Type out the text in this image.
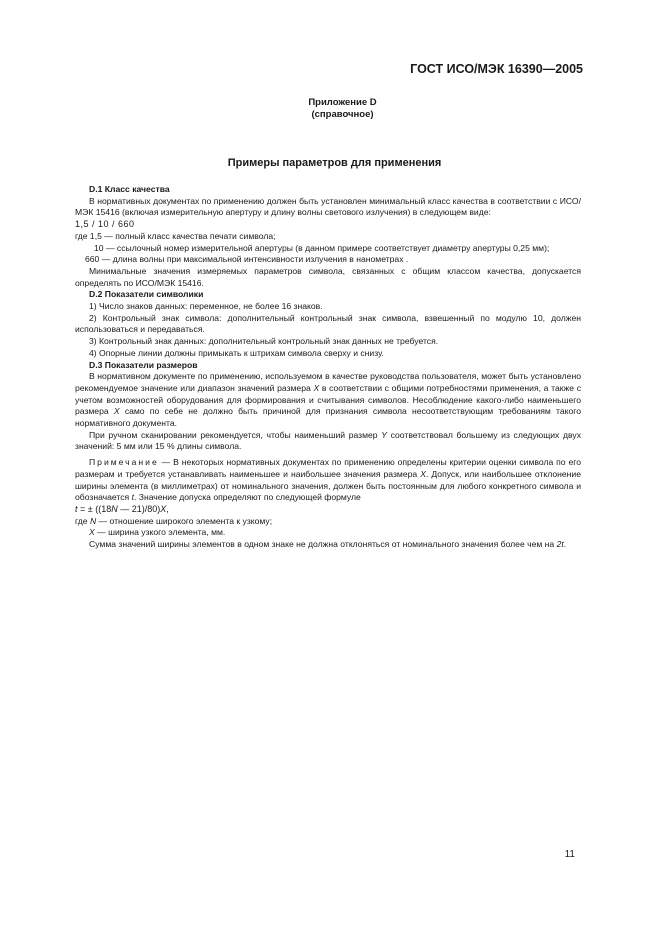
ГОСТ ИСО/МЭК 16390—2005
Приложение D
(справочное)
Примеры параметров для применения

D.1 Класс качества

В нормативных документах по применению должен быть установлен минимальный класс качества в соответствии с ИСО/МЭК 15416 (включая измерительную апертуру и длину волны светового излучения) в следующем виде:

1,5 / 10 / 660

где 1,5 — полный класс качества печати символа;

10 — ссылочный номер измерительной апертуры (в данном примере соответствует диаметру апертуры 0,25 мм);

660 — длина волны при максимальной интенсивности излучения в нанометрах .

Минимальные значения измеряемых параметров символа, связанных с общим классом качества, допускается определять по ИСО/МЭК 15416.

D.2 Показатели символики

1) Число знаков данных: переменное, не более 16 знаков.

2) Контрольный знак символа: дополнительный контрольный знак символа, взвешенный по модулю 10, должен использоваться и передаваться.

3) Контрольный знак данных: дополнительный контрольный знак данных не требуется.

4) Опорные линии должны примыкать к штрихам символа сверху и снизу.

D.3 Показатели размеров

В нормативном документе по применению, используемом в качестве руководства пользователя, может быть установлено рекомендуемое значение или диапазон значений размера X в соответствии с общими потребностями применения, а также с учетом возможностей оборудования для формирования и считывания символов. Несоблюдение какого-либо наименьшего размера X само по себе не должно быть причиной для признания символа несоответствующим требованиям такого нормативного документа.

При ручном сканировании рекомендуется, чтобы наименьший размер Y соответствовал большему из следующих двух значений: 5 мм или 15 % длины символа.

Примечание — В некоторых нормативных документах по применению определены критерии оценки символа по его размерам и требуется устанавливать наименьшее и наибольшее значения размера X. Допуск, или наибольшее отклонение ширины элемента (в миллиметрах) от номинального значения, должен быть постоянным для любого конкретного символа и обозначается t. Значение допуска определяют по следующей формуле

t = ± ((18N — 21)/80)X,

где N — отношение широкого элемента к узкому;

X — ширина узкого элемента, мм.

Сумма значений ширины элементов в одном знаке не должна отклоняться от номинального значения более чем на 2t.

11
